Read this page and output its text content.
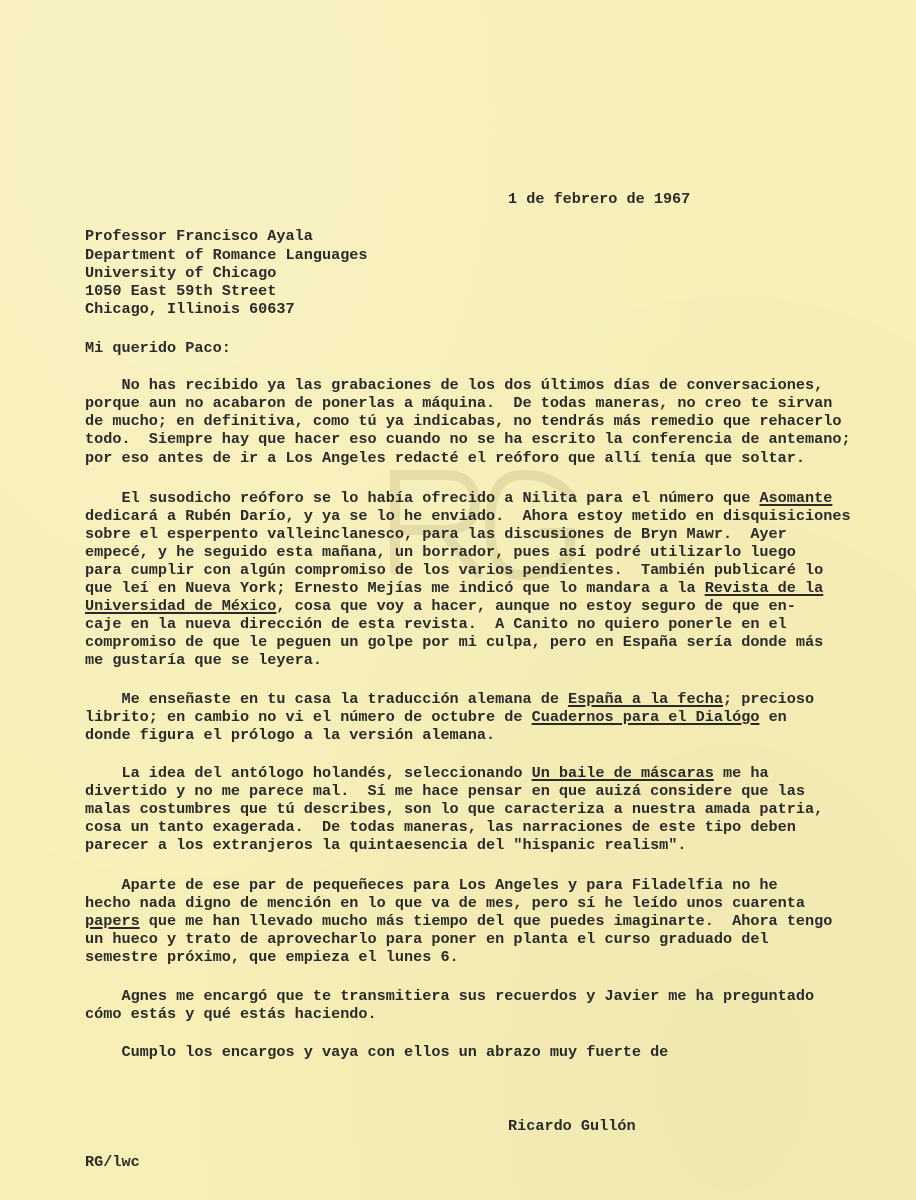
1 de febrero de 1967
Professor Francisco Ayala
Department of Romance Languages
University of Chicago
1050 East 59th Street
Chicago, Illinois 60637
Mi querido Paco:
No has recibido ya las grabaciones de los dos últimos días de conversaciones,
porque aun no acabaron de ponerlas a máquina.  De todas maneras, no creo te sirvan
de mucho; en definitiva, como tú ya indicabas, no tendrás más remedio que rehacerlo
todo.  Siempre hay que hacer eso cuando no se ha escrito la conferencia de antemano;
por eso antes de ir a Los Angeles redacté el reóforo que allí tenía que soltar.
El susodicho reóforo se lo había ofrecido a Nilita para el número que Asomante
dedicará a Rubén Darío, y ya se lo he enviado.  Ahora estoy metido en disquisiciones
sobre el esperpento valleinclanesco, para las discusiones de Bryn Mawr.  Ayer
empecé, y he seguido esta mañana, un borrador, pues así podré utilizarlo luego
para cumplir con algún compromiso de los varios pendientes.  También publicaré lo
que leí en Nueva York; Ernesto Mejías me indicó que lo mandara a la Revista de la
Universidad de México, cosa que voy a hacer, aunque no estoy seguro de que en-
caje en la nueva dirección de esta revista.  A Canito no quiero ponerle en el
compromiso de que le peguen un golpe por mi culpa, pero en España sería donde más
me gustaría que se leyera.
Me enseñaste en tu casa la traducción alemana de España a la fecha; precioso
librito; en cambio no vi el número de octubre de Cuadernos para el Dialógo en
donde figura el prólogo a la versión alemana.
La idea del antólogo holandés, seleccionando Un baile de máscaras me ha
divertido y no me parece mal.  Sí me hace pensar en que auizá considere que las
malas costumbres que tú describes, son lo que caracteriza a nuestra amada patria,
cosa un tanto exagerada.  De todas maneras, las narraciones de este tipo deben
parecer a los extranjeros la quintaesencia del "hispanic realism".
Aparte de ese par de pequeñeces para Los Angeles y para Filadelfia no he
hecho nada digno de mención en lo que va de mes, pero sí he leído unos cuarenta
papers que me han llevado mucho más tiempo del que puedes imaginarte.  Ahora tengo
un hueco y trato de aprovecharlo para poner en planta el curso graduado del
semestre próximo, que empieza el lunes 6.
Agnes me encargó que te transmitiera sus recuerdos y Javier me ha preguntado
cómo estás y qué estás haciendo.
Cumplo los encargos y vaya con ellos un abrazo muy fuerte de
Ricardo Gullón
RG/lwc
